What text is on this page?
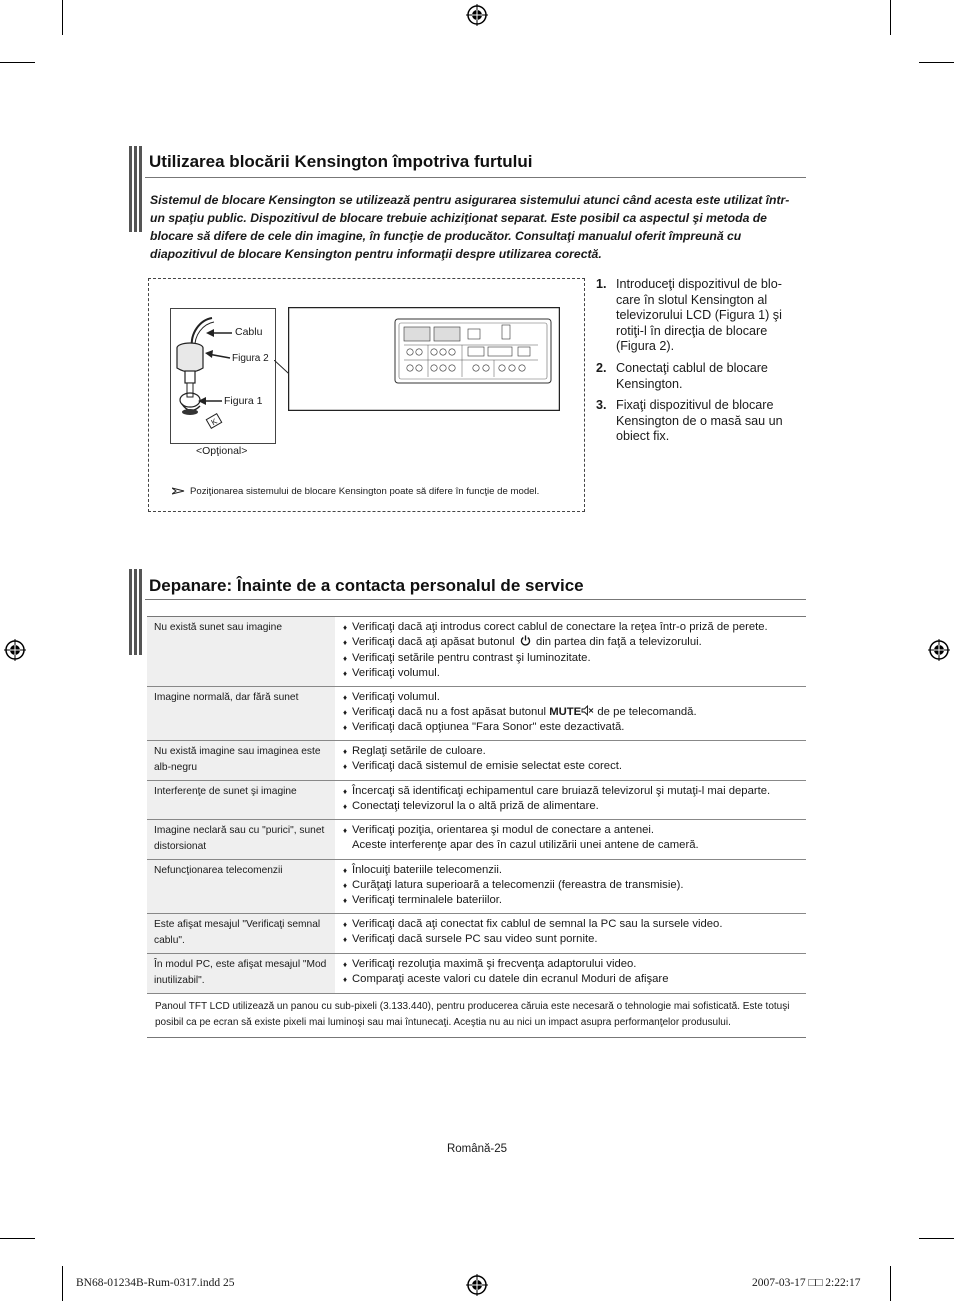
Utilizarea blocării Kensington împotriva furtului
Sistemul de blocare Kensington se utilizează pentru asigurarea sistemului atunci când acesta este utilizat într-un spaţiu public. Dispozitivul de blocare trebuie achiziţionat separat. Este posibil ca aspectul şi metoda de blocare să difere de cele din imagine, în funcţie de producător. Consultaţi manualul oferit împreună cu diapozitivul de blocare Kensington pentru informaţii despre utilizarea corectă.
K
Cablu
Figura 2
Figura 1
<Opţional>
Poziţionarea sistemului de blocare Kensington poate să difere în funcţie de model.
1. Introduceţi dispozitivul de blo-care în slotul Kensington al televizorului LCD (Figura 1) şi rotiţi-l în direcţia de blocare (Figura 2).
2. Conectaţi cablul de blocare Kensington.
3. Fixaţi dispozitivul de blocare Kensington de o masă sau un obiect fix.
Depanare: Înainte de a contacta personalul de service
Nu există sunet sau imagine	♦ Verificaţi dacă aţi introdus corect cablul de conectare la reţea într-o priză de perete.
♦ Verificaţi dacă aţi apăsat butonul din partea din faţă a televizorului.
♦ Verificaţi setările pentru contrast şi luminozitate.
♦ Verificaţi volumul.
Imagine normală, dar fără sunet	♦ Verificaţi volumul.
♦ Verificaţi dacă nu a fost apăsat butonul MUTE de pe telecomandă.
♦ Verificaţi dacă opţiunea "Fara Sonor" este dezactivată.
Nu există imagine sau imaginea este alb-negru
♦ Reglaţi setările de culoare.
♦ Verificaţi dacă sistemul de emisie selectat este corect.
Interferenţe de sunet şi imagine	♦ Încercaţi să identificaţi echipamentul care bruiază televizorul şi mutaţi-l mai departe.
♦ Conectaţi televizorul la o altă priză de alimentare.
Imagine neclară sau cu "purici", sunet distorsionat
♦ Verificaţi poziţia, orientarea şi modul de conectare a antenei.
Aceste interferenţe apar des în cazul utilizării unei antene de cameră.
Nefuncţionarea telecomenzii	♦ Înlocuiţi bateriile telecomenzii.
♦ Curăţaţi latura superioară a telecomenzii (fereastra de transmisie).
♦ Verificaţi terminalele bateriilor.
Este afişat mesajul "Verificaţi semnal cablu".
♦ Verificaţi dacă aţi conectat fix cablul de semnal la PC sau la sursele video.
♦ Verificaţi dacă sursele PC sau video sunt pornite.
În modul PC, este afişat mesajul "Mod inutilizabil".
♦ Verificaţi rezoluţia maximă şi frecvenţa adaptorului video.
♦ Comparaţi aceste valori cu datele din ecranul Moduri de afişare
Panoul TFT LCD utilizează un panou cu sub-pixeli (3.133.440), pentru producerea căruia este necesară o tehnologie mai sofisticată. Este totuşi posibil ca pe ecran să existe pixeli mai luminoşi sau mai întunecaţi. Aceştia nu au nici un impact asupra performanţelor produsului.
Română-25
BN68-01234B-Rum-0317.indd 25	2007-03-17 □□ 2:22:17
